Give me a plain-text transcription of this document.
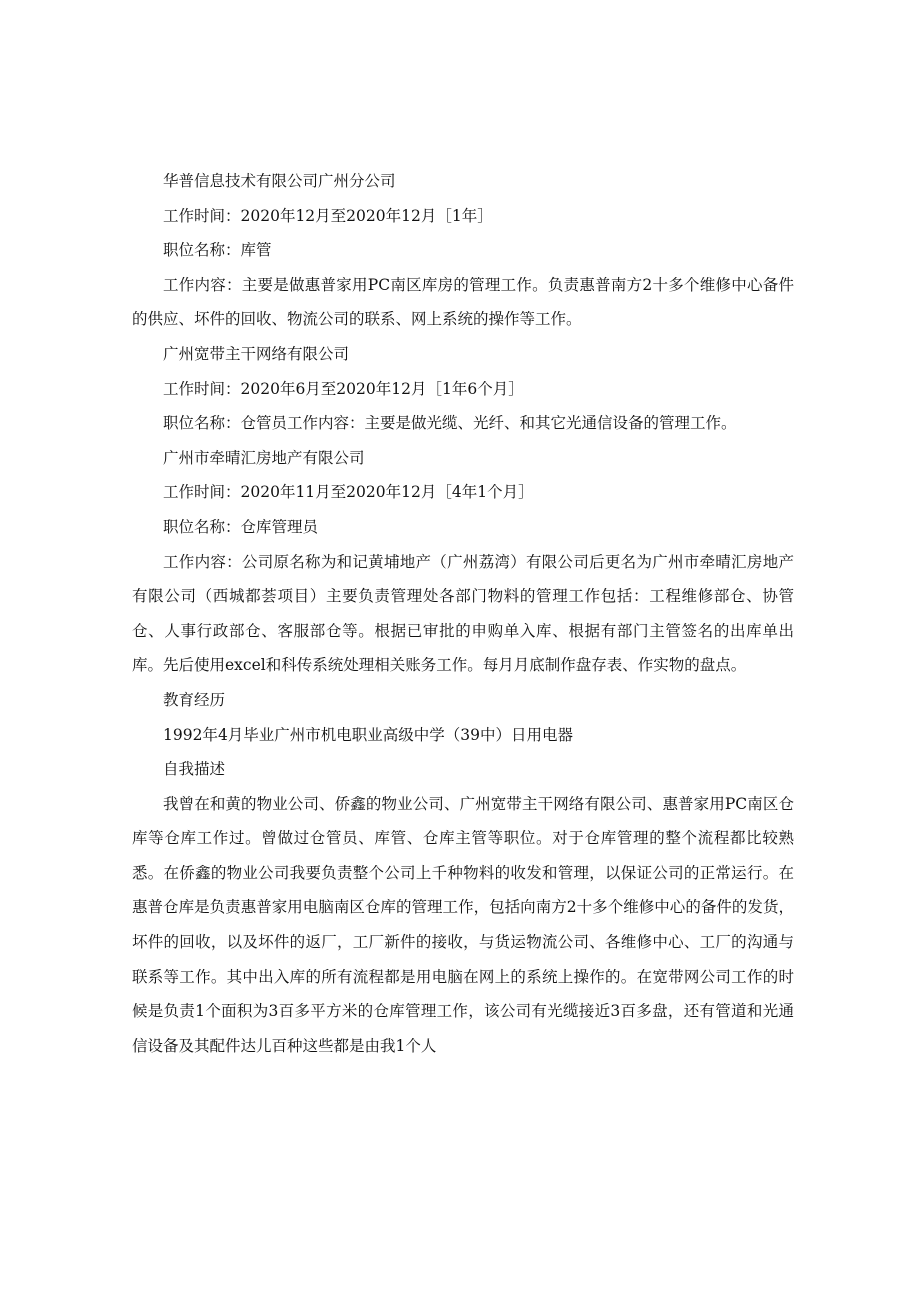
华普信息技术有限公司广州分公司

工作时间：2020年12月至2020年12月［1年］

职位名称：库管

工作内容：主要是做惠普家用PC南区库房的管理工作。负责惠普南方2十多个维修中心备件的供应、坏件的回收、物流公司的联系、网上系统的操作等工作。

广州宽带主干网络有限公司

工作时间：2020年6月至2020年12月［1年6个月］

职位名称：仓管员工作内容：主要是做光缆、光纤、和其它光通信设备的管理工作。

广州市牵晴汇房地产有限公司

工作时间：2020年11月至2020年12月［4年1个月］

职位名称：仓库管理员

工作内容：公司原名称为和记黄埔地产（广州荔湾）有限公司后更名为广州市牵晴汇房地产有限公司（西城都荟项目）主要负责管理处各部门物料的管理工作包括：工程维修部仓、协管仓、人事行政部仓、客服部仓等。根据已审批的申购单入库、根据有部门主管签名的出库单出库。先后使用excel和科传系统处理相关账务工作。每月月底制作盘存表、作实物的盘点。

教育经历

1992年4月毕业广州市机电职业高级中学（39中）日用电器

自我描述

我曾在和黄的物业公司、侨鑫的物业公司、广州宽带主干网络有限公司、惠普家用PC南区仓库等仓库工作过。曾做过仓管员、库管、仓库主管等职位。对于仓库管理的整个流程都比较熟悉。在侨鑫的物业公司我要负责整个公司上千种物料的收发和管理，以保证公司的正常运行。在惠普仓库是负责惠普家用电脑南区仓库的管理工作，包括向南方2十多个维修中心的备件的发货，坏件的回收，以及坏件的返厂，工厂新件的接收，与货运物流公司、各维修中心、工厂的沟通与联系等工作。其中出入库的所有流程都是用电脑在网上的系统上操作的。在宽带网公司工作的时候是负责1个面积为3百多平方米的仓库管理工作，该公司有光缆接近3百多盘，还有管道和光通信设备及其配件达儿百种这些都是由我1个人
